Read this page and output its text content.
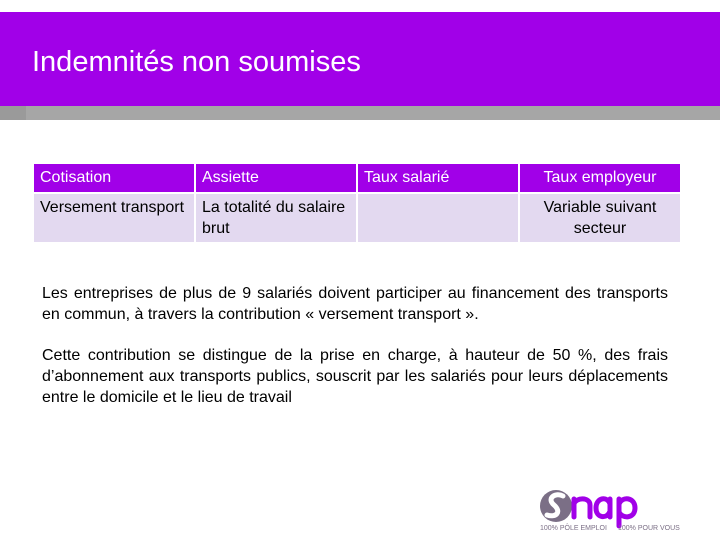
Indemnités non soumises
Cotisation	Assiette	Taux salarié	Taux employeur
Versement transport	La totalité du salaire brut		Variable suivant secteur

Les entreprises de plus de 9 salariés doivent participer au financement des transports en commun, à travers la contribution « versement transport ».

Cette contribution se distingue de la prise en charge, à hauteur de 50 %, des frais d’abonnement aux transports publics, souscrit par les salariés pour leurs déplacements entre le domicile et le lieu de travail

100% PÔLE EMPLOI 100% POUR VOUS
